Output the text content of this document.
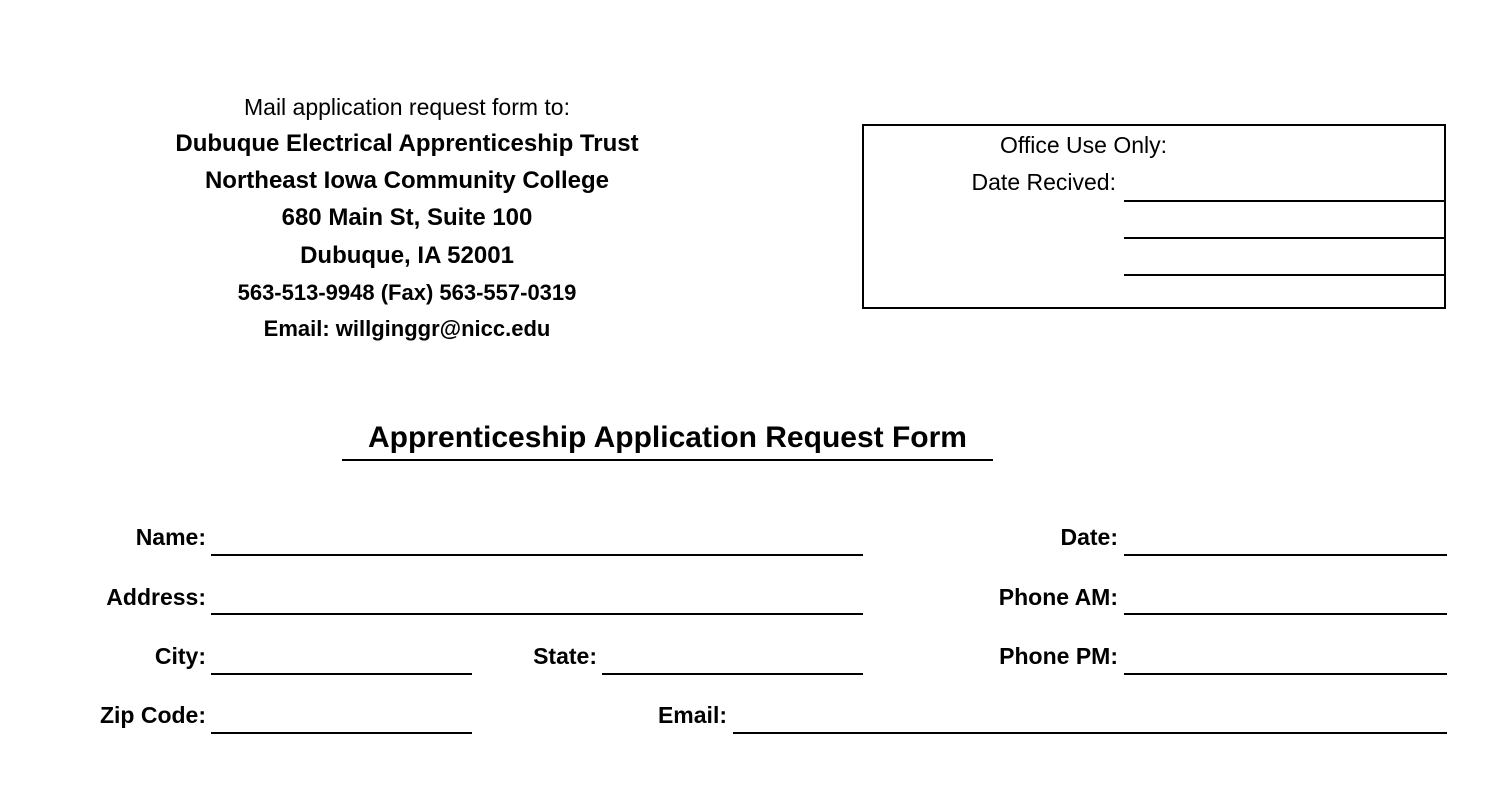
Mail application request form to:
Dubuque Electrical Apprenticeship Trust
Northeast Iowa Community College
680 Main St, Suite 100
Dubuque, IA 52001
563-513-9948 (Fax) 563-557-0319
Email: willginggr@nicc.edu
Office Use Only:
Date Recived:
Apprenticeship Application Request Form
Name:	Date:
Address:	Phone AM:
City:	State:	Phone PM:
Zip Code:	Email:
